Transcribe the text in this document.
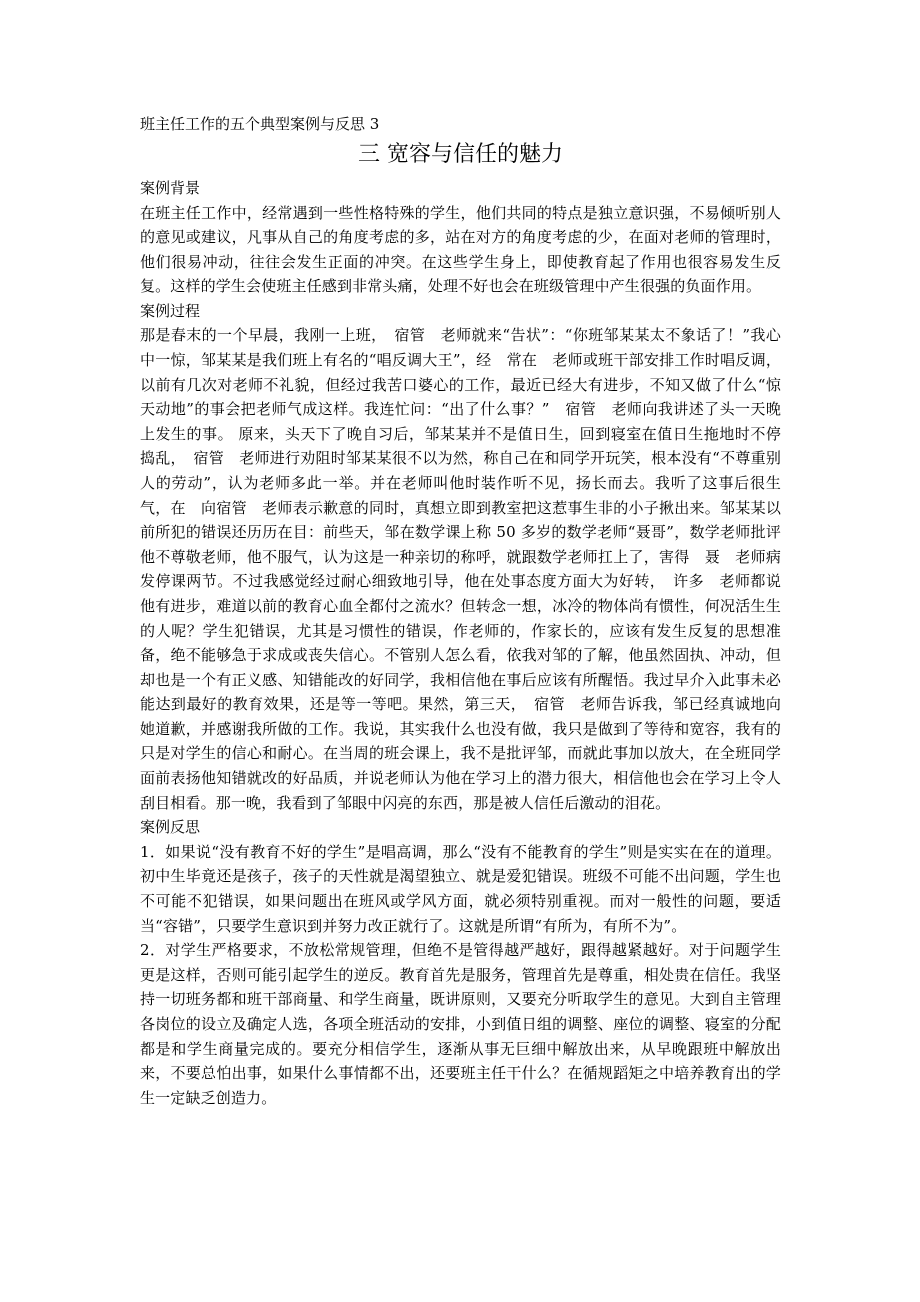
班主任工作的五个典型案例与反思 3

三 宽容与信任的魅力

案例背景

在班主任工作中，经常遇到一些性格特殊的学生，他们共同的特点是独立意识强，不易倾听别人的意见或建议，凡事从自己的角度考虑的多，站在对方的角度考虑的少，在面对老师的管理时，他们很易冲动，往往会发生正面的冲突。在这些学生身上，即使教育起了作用也很容易发生反复。这样的学生会使班主任感到非常头痛，处理不好也会在班级管理中产生很强的负面作用。

案例过程

那是春末的一个早晨，我刚一上班，　宿管　老师就来“告状”：“你班邹某某太不象话了！”我心中一惊，邹某某是我们班上有名的“唱反调大王”，经　常在　老师或班干部安排工作时唱反调，以前有几次对老师不礼貌，但经过我苦口婆心的工作，最近已经大有进步，不知又做了什么“惊天动地”的事会把老师气成这样。我连忙问：“出了什么事？”　宿管　老师向我讲述了头一天晚上发生的事。 原来，头天下了晚自习后，邹某某并不是值日生，回到寝室在值日生拖地时不停捣乱，　宿管　老师进行劝阻时邹某某很不以为然，称自己在和同学开玩笑，根本没有“不尊重别人的劳动”，认为老师多此一举。并在老师叫他时装作听不见，扬长而去。我听了这事后很生气，在　向宿管　老师表示歉意的同时，真想立即到教室把这惹事生非的小子揪出来。邹某某以前所犯的错误还历历在目：前些天，邹在数学课上称 50 多岁的数学老师“聂哥”，数学老师批评他不尊敬老师，他不服气，认为这是一种亲切的称呼，就跟数学老师扛上了，害得　聂　老师病发停课两节。不过我感觉经过耐心细致地引导，他在处事态度方面大为好转，　许多　老师都说他有进步，难道以前的教育心血全都付之流水？但转念一想，冰冷的物体尚有惯性，何况活生生的人呢？学生犯错误，尤其是习惯性的错误，作老师的，作家长的，应该有发生反复的思想准备，绝不能够急于求成或丧失信心。不管别人怎么看，依我对邹的了解，他虽然固执、冲动，但却也是一个有正义感、知错能改的好同学，我相信他在事后应该有所醒悟。我过早介入此事未必能达到最好的教育效果，还是等一等吧。果然，第三天，　宿管　老师告诉我，邹已经真诚地向她道歉，并感谢我所做的工作。我说，其实我什么也没有做，我只是做到了等待和宽容，我有的只是对学生的信心和耐心。在当周的班会课上，我不是批评邹，而就此事加以放大，在全班同学面前表扬他知错就改的好品质，并说老师认为他在学习上的潜力很大，相信他也会在学习上令人刮目相看。那一晚，我看到了邹眼中闪亮的东西，那是被人信任后激动的泪花。

案例反思

1．如果说“没有教育不好的学生”是唱高调，那么“没有不能教育的学生”则是实实在在的道理。初中生毕竟还是孩子，孩子的天性就是渴望独立、就是爱犯错误。班级不可能不出问题，学生也不可能不犯错误，如果问题出在班风或学风方面，就必须特别重视。而对一般性的问题，要适当“容错”，只要学生意识到并努力改正就行了。这就是所谓“有所为，有所不为”。

2．对学生严格要求，不放松常规管理，但绝不是管得越严越好，跟得越紧越好。对于问题学生更是这样，否则可能引起学生的逆反。教育首先是服务，管理首先是尊重，相处贵在信任。我坚持一切班务都和班干部商量、和学生商量，既讲原则，又要充分听取学生的意见。大到自主管理各岗位的设立及确定人选，各项全班活动的安排，小到值日组的调整、座位的调整、寝室的分配都是和学生商量完成的。要充分相信学生，逐渐从事无巨细中解放出来，从早晚跟班中解放出来，不要总怕出事，如果什么事情都不出，还要班主任干什么？在循规蹈矩之中培养教育出的学生一定缺乏创造力。
